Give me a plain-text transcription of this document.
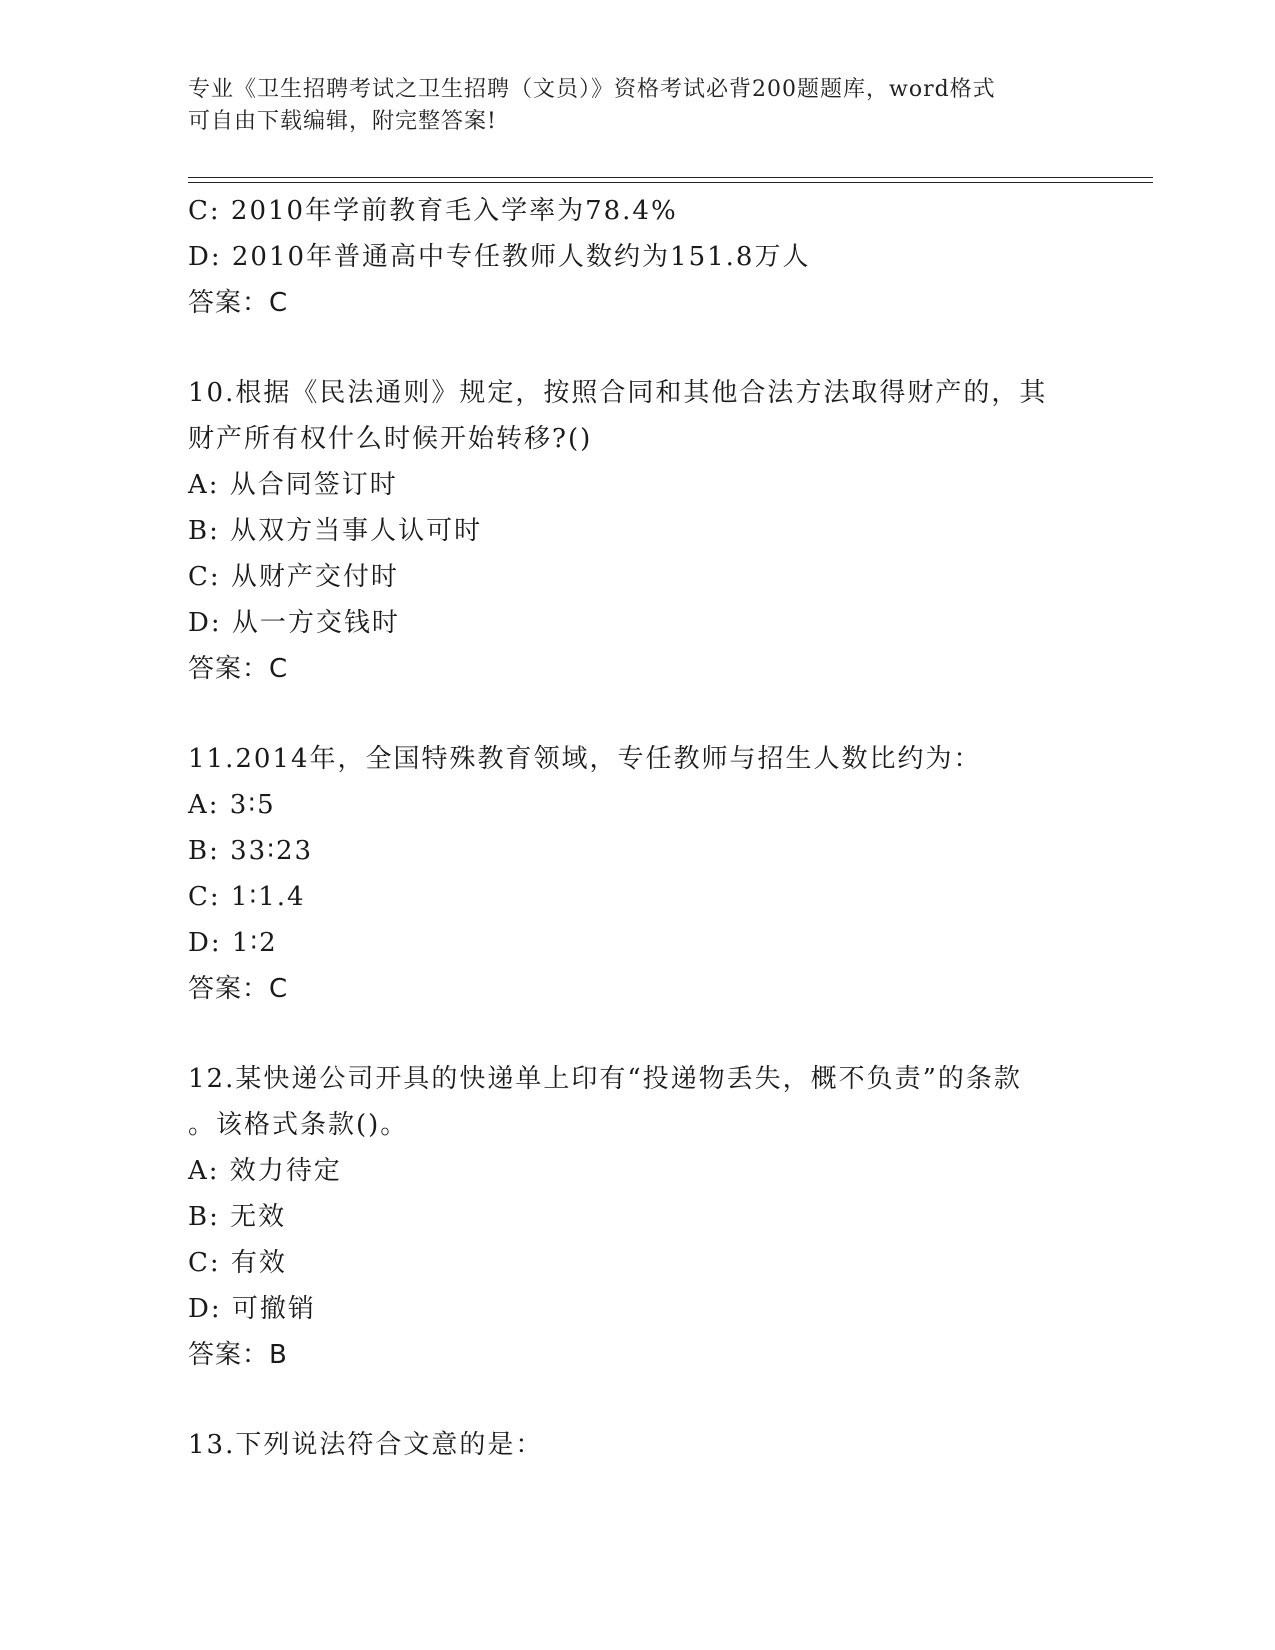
专业《卫生招聘考试之卫生招聘（文员）》资格考试必背200题题库，word格式
可自由下载编辑，附完整答案!
C: 2010年学前教育毛入学率为78.4%
D: 2010年普通高中专任教师人数约为151.8万人
答案：C
10.根据《民法通则》规定，按照合同和其他合法方法取得财产的，其
财产所有权什么时候开始转移?()
A: 从合同签订时
B: 从双方当事人认可时
C: 从财产交付时
D: 从一方交钱时
答案：C
11.2014年，全国特殊教育领域，专任教师与招生人数比约为：
A: 3∶5
B: 33∶23
C: 1∶1.4
D: 1∶2
答案：C
12.某快递公司开具的快递单上印有“投递物丢失，概不负责”的条款
。该格式条款()。
A: 效力待定
B: 无效
C: 有效
D: 可撤销
答案：B
13.下列说法符合文意的是：
